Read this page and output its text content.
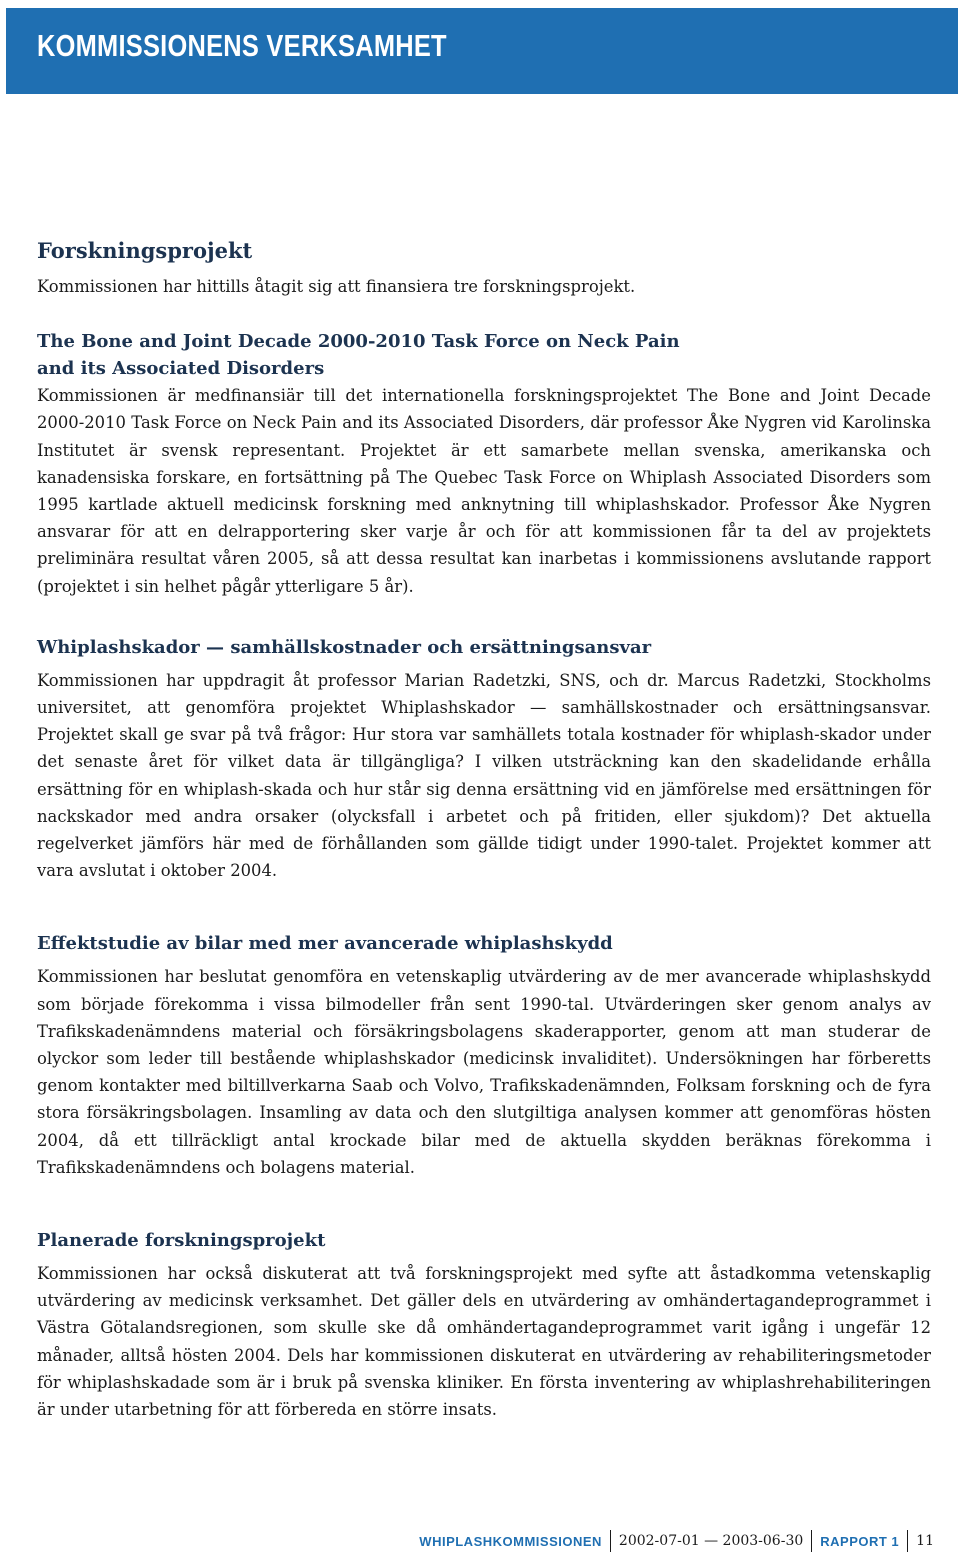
KOMMISSIONENS VERKSAMHET
Forskningsprojekt

Kommissionen har hittills åtagit sig att finansiera tre forskningsprojekt.

The Bone and Joint Decade 2000-2010 Task Force on Neck Pain
and its Associated Disorders

Kommissionen är medfinansiär till det internationella forskningsprojektet The Bone and Joint Decade 2000-2010 Task Force on Neck Pain and its Associated Disorders, där professor Åke Nygren vid Karolinska Institutet är svensk representant. Projektet är ett samarbete mellan svenska, amerikanska och kanadensiska forskare, en fortsättning på The Quebec Task Force on Whiplash Associated Disorders som 1995 kartlade aktuell medicinsk forskning med anknytning till whiplashskador. Professor Åke Nygren ansvarar för att en delrapportering sker varje år och för att kommissionen får ta del av projektets preliminära resultat våren 2005, så att dessa resultat kan inarbetas i kommissionens avslutande rapport (projektet i sin helhet pågår ytterligare 5 år).

Whiplashskador — samhällskostnader och ersättningsansvar

Kommissionen har uppdragit åt professor Marian Radetzki, SNS, och dr. Marcus Radetzki, Stockholms universitet, att genomföra projektet Whiplashskador — samhällskostnader och ersättningsansvar. Projektet skall ge svar på två frågor: Hur stora var samhällets totala kostnader för whiplash-skador under det senaste året för vilket data är tillgängliga? I vilken utsträckning kan den skadelidande erhålla ersättning för en whiplash-skada och hur står sig denna ersättning vid en jämförelse med ersättningen för nackskador med andra orsaker (olycksfall i arbetet och på fritiden, eller sjukdom)? Det aktuella regelverket jämförs här med de förhållanden som gällde tidigt under 1990-talet. Projektet kommer att vara avslutat i oktober 2004.

Effektstudie av bilar med mer avancerade whiplashskydd

Kommissionen har beslutat genomföra en vetenskaplig utvärdering av de mer avancerade whiplashskydd som började förekomma i vissa bilmodeller från sent 1990-tal. Utvärderingen sker genom analys av Trafikskadenämndens material och försäkringsbolagens skaderapporter, genom att man studerar de olyckor som leder till bestående whiplashskador (medicinsk invaliditet). Undersökningen har förberetts genom kontakter med biltillverkarna Saab och Volvo, Trafikskadenämnden, Folksam forskning och de fyra stora försäkringsbolagen. Insamling av data och den slutgiltiga analysen kommer att genomföras hösten 2004, då ett tillräckligt antal krockade bilar med de aktuella skydden beräknas förekomma i Trafikskadenämndens och bolagens material.

Planerade forskningsprojekt

Kommissionen har också diskuterat att två forskningsprojekt med syfte att åstadkomma vetenskaplig utvärdering av medicinsk verksamhet. Det gäller dels en utvärdering av omhändertagandeprogrammet i Västra Götalandsregionen, som skulle ske då omhändertagandeprogrammet varit igång i ungefär 12 månader, alltså hösten 2004. Dels har kommissionen diskuterat en utvärdering av rehabiliteringsmetoder för whiplashskadade som är i bruk på svenska kliniker. En första inventering av whiplashrehabiliteringen är under utarbetning för att förbereda en större insats.

WHIPLASHKOMMISSIONEN 2002-07-01 — 2003-06-30 RAPPORT 1 11
